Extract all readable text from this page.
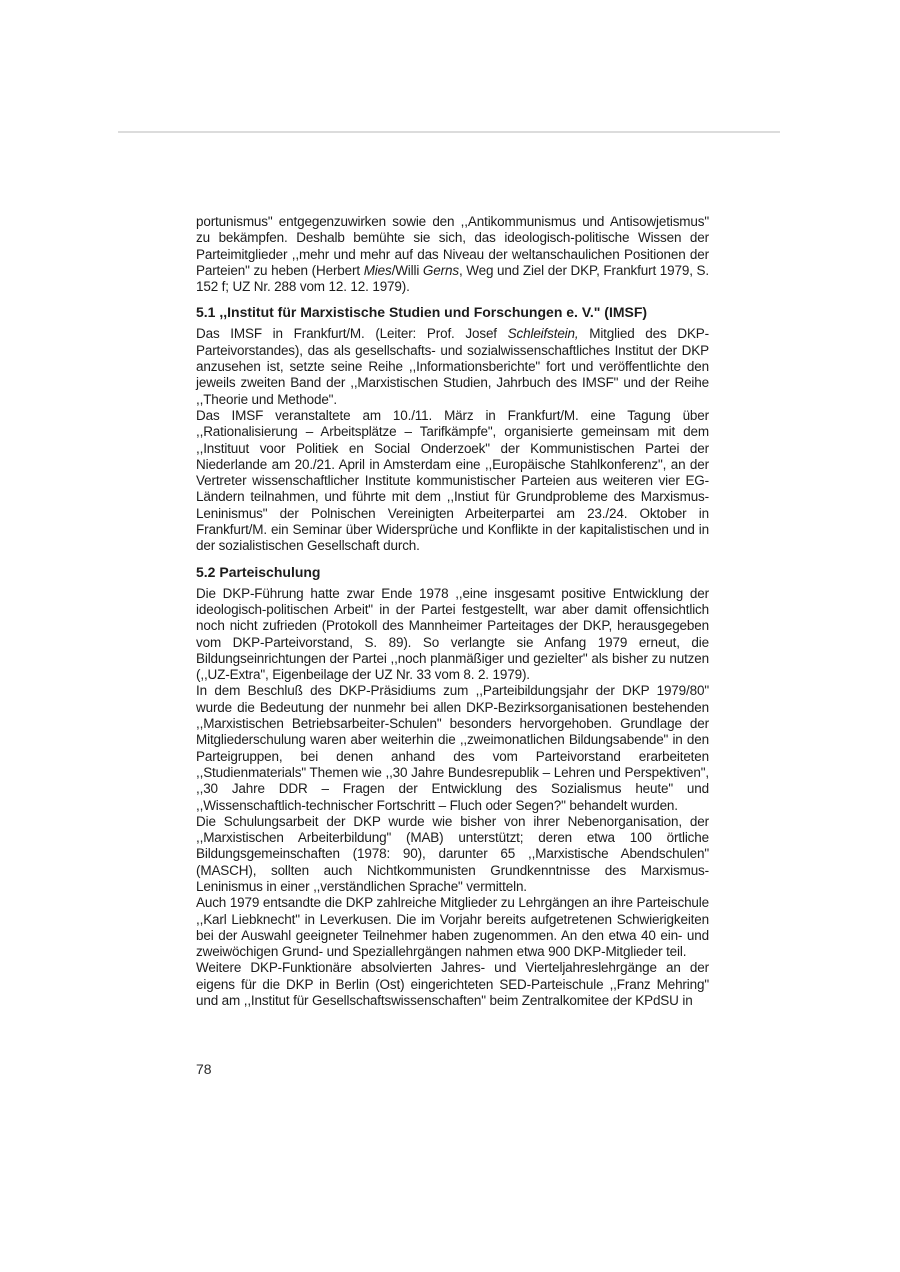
portunismus" entgegenzuwirken sowie den ,,Antikommunismus und Antisowjetismus" zu bekämpfen. Deshalb bemühte sie sich, das ideologisch-politische Wissen der Parteimitglieder ,,mehr und mehr auf das Niveau der weltanschaulichen Positionen der Parteien" zu heben (Herbert Mies/Willi Gerns, Weg und Ziel der DKP, Frankfurt 1979, S. 152 f; UZ Nr. 288 vom 12. 12. 1979).

5.1 ,,Institut für Marxistische Studien und Forschungen e. V." (IMSF)

Das IMSF in Frankfurt/M. (Leiter: Prof. Josef Schleifstein, Mitglied des DKP-Parteivorstandes), das als gesellschafts- und sozialwissenschaftliches Institut der DKP anzusehen ist, setzte seine Reihe ,,Informationsberichte" fort und veröffentlichte den jeweils zweiten Band der ,,Marxistischen Studien, Jahrbuch des IMSF" und der Reihe ,,Theorie und Methode".

Das IMSF veranstaltete am 10./11. März in Frankfurt/M. eine Tagung über ,,Rationalisierung – Arbeitsplätze – Tarifkämpfe", organisierte gemeinsam mit dem ,,Instituut voor Politiek en Social Onderzoek" der Kommunistischen Partei der Niederlande am 20./21. April in Amsterdam eine ,,Europäische Stahlkonferenz", an der Vertreter wissenschaftlicher Institute kommunistischer Parteien aus weiteren vier EG-Ländern teilnahmen, und führte mit dem ,,Instiut für Grundprobleme des Marxismus-Leninismus" der Polnischen Vereinigten Arbeiterpartei am 23./24. Oktober in Frankfurt/M. ein Seminar über Widersprüche und Konflikte in der kapitalistischen und in der sozialistischen Gesellschaft durch.

5.2 Parteischulung

Die DKP-Führung hatte zwar Ende 1978 ,,eine insgesamt positive Entwicklung der ideologisch-politischen Arbeit" in der Partei festgestellt, war aber damit offensichtlich noch nicht zufrieden (Protokoll des Mannheimer Parteitages der DKP, herausgegeben vom DKP-Parteivorstand, S. 89). So verlangte sie Anfang 1979 erneut, die Bildungseinrichtungen der Partei ,,noch planmäßiger und gezielter" als bisher zu nutzen (,,UZ-Extra", Eigenbeilage der UZ Nr. 33 vom 8. 2. 1979).

In dem Beschluß des DKP-Präsidiums zum ,,Parteibildungsjahr der DKP 1979/80" wurde die Bedeutung der nunmehr bei allen DKP-Bezirksorganisationen bestehenden ,,Marxistischen Betriebsarbeiter-Schulen" besonders hervorgehoben. Grundlage der Mitgliederschulung waren aber weiterhin die ,,zweimonatlichen Bildungsabende" in den Parteigruppen, bei denen anhand des vom Parteivorstand erarbeiteten ,,Studienmaterials" Themen wie ,,30 Jahre Bundesrepublik – Lehren und Perspektiven", ,,30 Jahre DDR – Fragen der Entwicklung des Sozialismus heute" und ,,Wissenschaftlich-technischer Fortschritt – Fluch oder Segen?" behandelt wurden.

Die Schulungsarbeit der DKP wurde wie bisher von ihrer Nebenorganisation, der ,,Marxistischen Arbeiterbildung" (MAB) unterstützt; deren etwa 100 örtliche Bildungsgemeinschaften (1978: 90), darunter 65 ,,Marxistische Abendschulen" (MASCH), sollten auch Nichtkommunisten Grundkenntnisse des Marxismus-Leninismus in einer ,,verständlichen Sprache" vermitteln.

Auch 1979 entsandte die DKP zahlreiche Mitglieder zu Lehrgängen an ihre Parteischule ,,Karl Liebknecht" in Leverkusen. Die im Vorjahr bereits aufgetretenen Schwierigkeiten bei der Auswahl geeigneter Teilnehmer haben zugenommen. An den etwa 40 ein- und zweiwöchigen Grund- und Speziallehrgängen nahmen etwa 900 DKP-Mitglieder teil.

Weitere DKP-Funktionäre absolvierten Jahres- und Vierteljahreslehrgänge an der eigens für die DKP in Berlin (Ost) eingerichteten SED-Parteischule ,,Franz Mehring" und am ,,Institut für Gesellschaftswissenschaften" beim Zentralkomitee der KPdSU in

78
